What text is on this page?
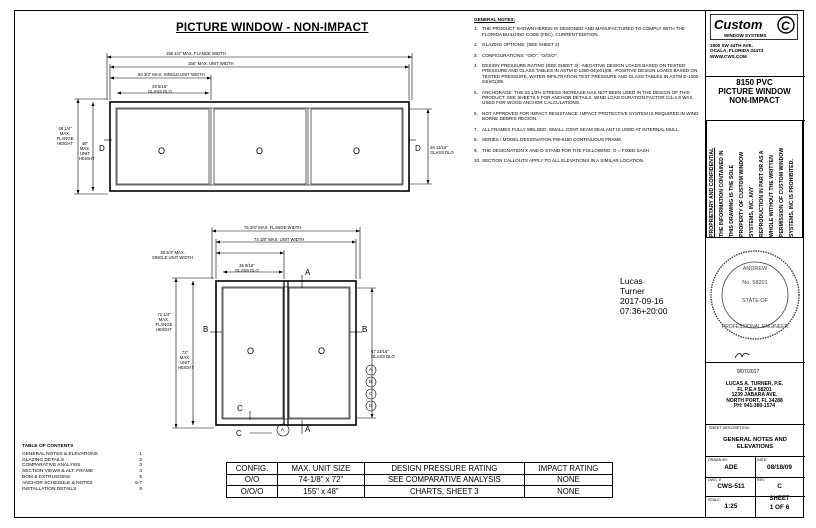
PICTURE WINDOW - NON-IMPACT
GENERAL NOTES:
1. THE PRODUCT SHOWN HEREIN IS DESIGNED AND MANUFACTURED TO COMPLY WITH THE FLORIDA BUILDING CODE (FBC), CURRENT EDITION.
2. GLAZING OPTIONS: (SEE SHEET 2)
3. CONFIGURATIONS: "O/O", "O/O/O".
4. DESIGN PRESSURE RATING (SEE SHEET 3): -NEGATIVE DESIGN LOADS BASED ON TESTED PRESSURE AND GLASS TABLES IN ASTM E-1300-04(e01)08. -POSITIVE DESIGN LOADS BASED ON TESTED PRESSURE, WATER INFILTRATION TEST PRESSURE AND GLASS TABLES IN ASTM E-1300-04(e01)08.
5. ANCHORAGE: THE 33 1/3% STRESS INCREASE HAS NOT BEEN USED IN THE DESIGN OF THIS PRODUCT. SEE SHEETS 5 FOR ANCHOR DETAILS. WIND LOAD DURATION FACTOR Cd=1.6 WAS USED FOR WOOD ANCHOR CALCULATIONS.
6. NOT APPROVED FOR IMPACT RESISTANCE. IMPACT PROTECTIVE SYSTEM IS REQUIRED IN WIND BORNE DEBRIS REGION.
7. ALL FRAMES FULLY WELDED. SMALL JOINT SEAM SEALANT IS USED AT INTERNAL MULL.
8. SERIES / MODEL DESIGNATION PW-8150 CONTINUOUS FRAME.
9. THE DESIGNATION X AND O STAND FOR THE FOLLOWING: O = FIXED SASH
10. SECTION CALLOUTS APPLY TO ALL ELEVATIONS IN A SIMILAR LOCATION.
155 1/4" MAX. FLANGE WIDTH
155" MAX. UNIT WIDTH
50 3/4" MAX. SINGLE UNIT WIDTH
49 5/16"
GLASS DLO
48 1/4"
MAX.
FLANGE
HEIGHT	48"
MAX.
UNIT
HEIGHT
46 13/16"
GLASS DLO
D	D
O	O	O
75 3/4" MAX. FLANGE WIDTH
74 1/8" MAX. UNIT WIDTH
38 3/4" MAX.
SINGLE UNIT WIDTH
36 9/16"
GLASS DLO
72 1/4"
MAX.
FLANGE
HEIGHT
72"
MAX.
UNIT
HEIGHT
67 13/16"
GLASS DLO
A
A
B	B
C
C
O	O
A
B
C
D
A
Lucas
Turner
2017-09-16
07:36+20:00
TABLE OF CONTENTS
GENERAL NOTES & ELEVATIONS	1
GLAZING DETAILS	2
COMPARATIVE ANALYSIS	3
SECTION VIEWS & ALT. FRAME	4
BOM & EXTRUSIONS	5
ANCHOR SCHEDULE & NOTES	5-7
INSTALLATION DETAILS	8
CONFIG.	MAX. UNIT SIZE	DESIGN PRESSURE RATING	IMPACT RATING
O/O	74-1/8" x 72"	SEE COMPARATIVE ANALYSIS	NONE
O/O/O	155" x 48"	CHARTS, SHEET 3	NONE
Custom C
WINDOW SYSTEMS
1900 SW 44TH AVE.
OCALA, FLORIDA 34474
WWW.CWS.COM
8150 PVC
PICTURE WINDOW
NON-IMPACT
PROPRIETARY AND CONFIDENTIAL THE INFORMATION CONTAINED IN THIS DRAWING IS THE SOLE PROPERTY OF CUSTOM WINDOW SYSTEMS, INC. ANY REPRODUCTION IN PART OR AS A WHOLE WITHOUT THE WRITTEN PERMISSION OF CUSTOM WINDOW SYSTEMS, INC IS PROHIBITED.
ANDREW
No. 58201
STATE OF
PROFESSIONAL ENGINEER
9/07/2017
LUCAS A. TURNER, P.E.
FL P.E.# 58201
1239 JABARA AVE.
NORTH PORT, FL 34288
PH: 941-380-1574
SHEET DESCRIPTION:
GENERAL NOTES AND ELEVATIONS
DRAWN BY:
ADE
DATE:
08/18/09
DWG. #
CWS-511
REV
C
SCALE:
1:25
SHEET
1 OF 6
